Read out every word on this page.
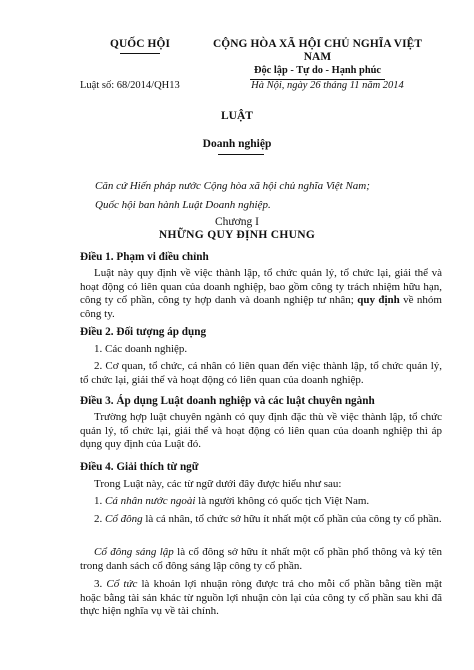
QUỐC HỘI	CỘNG HÒA XÃ HỘI CHỦ NGHĨA VIỆT NAM
Độc lập - Tự do - Hạnh phúc
Luật số: 68/2014/QH13	Hà Nội, ngày 26 tháng 11 năm 2014
LUẬT
Doanh nghiệp
Căn cứ Hiến pháp nước Cộng hòa xã hội chủ nghĩa Việt Nam;
Quốc hội ban hành Luật Doanh nghiệp.
Chương I
NHỮNG QUY ĐỊNH CHUNG
Điều 1. Phạm vi điều chỉnh
Luật này quy định về việc thành lập, tổ chức quản lý, tổ chức lại, giải thể và hoạt động có liên quan của doanh nghiệp, bao gồm công ty trách nhiệm hữu hạn, công ty cổ phần, công ty hợp danh và doanh nghiệp tư nhân; quy định về nhóm công ty.
Điều 2. Đối tượng áp dụng
1. Các doanh nghiệp.
2. Cơ quan, tổ chức, cá nhân có liên quan đến việc thành lập, tổ chức quản lý, tổ chức lại, giải thể và hoạt động có liên quan của doanh nghiệp.
Điều 3. Áp dụng Luật doanh nghiệp và các luật chuyên ngành
Trường hợp luật chuyên ngành có quy định đặc thù về việc thành lập, tổ chức quản lý, tổ chức lại, giải thể và hoạt động có liên quan của doanh nghiệp thì áp dụng quy định của Luật đó.
Điều 4. Giải thích từ ngữ
Trong Luật này, các từ ngữ dưới đây được hiểu như sau:
1. Cá nhân nước ngoài là người không có quốc tịch Việt Nam.
2. Cổ đông là cá nhân, tổ chức sở hữu ít nhất một cổ phần của công ty cổ phần.
Cổ đông sáng lập là cổ đông sở hữu ít nhất một cổ phần phổ thông và ký tên trong danh sách cổ đông sáng lập công ty cổ phần.
3. Cổ tức là khoản lợi nhuận ròng được trả cho mỗi cổ phần bằng tiền mặt hoặc bằng tài sản khác từ nguồn lợi nhuận còn lại của công ty cổ phần sau khi đã thực hiện nghĩa vụ về tài chính.
